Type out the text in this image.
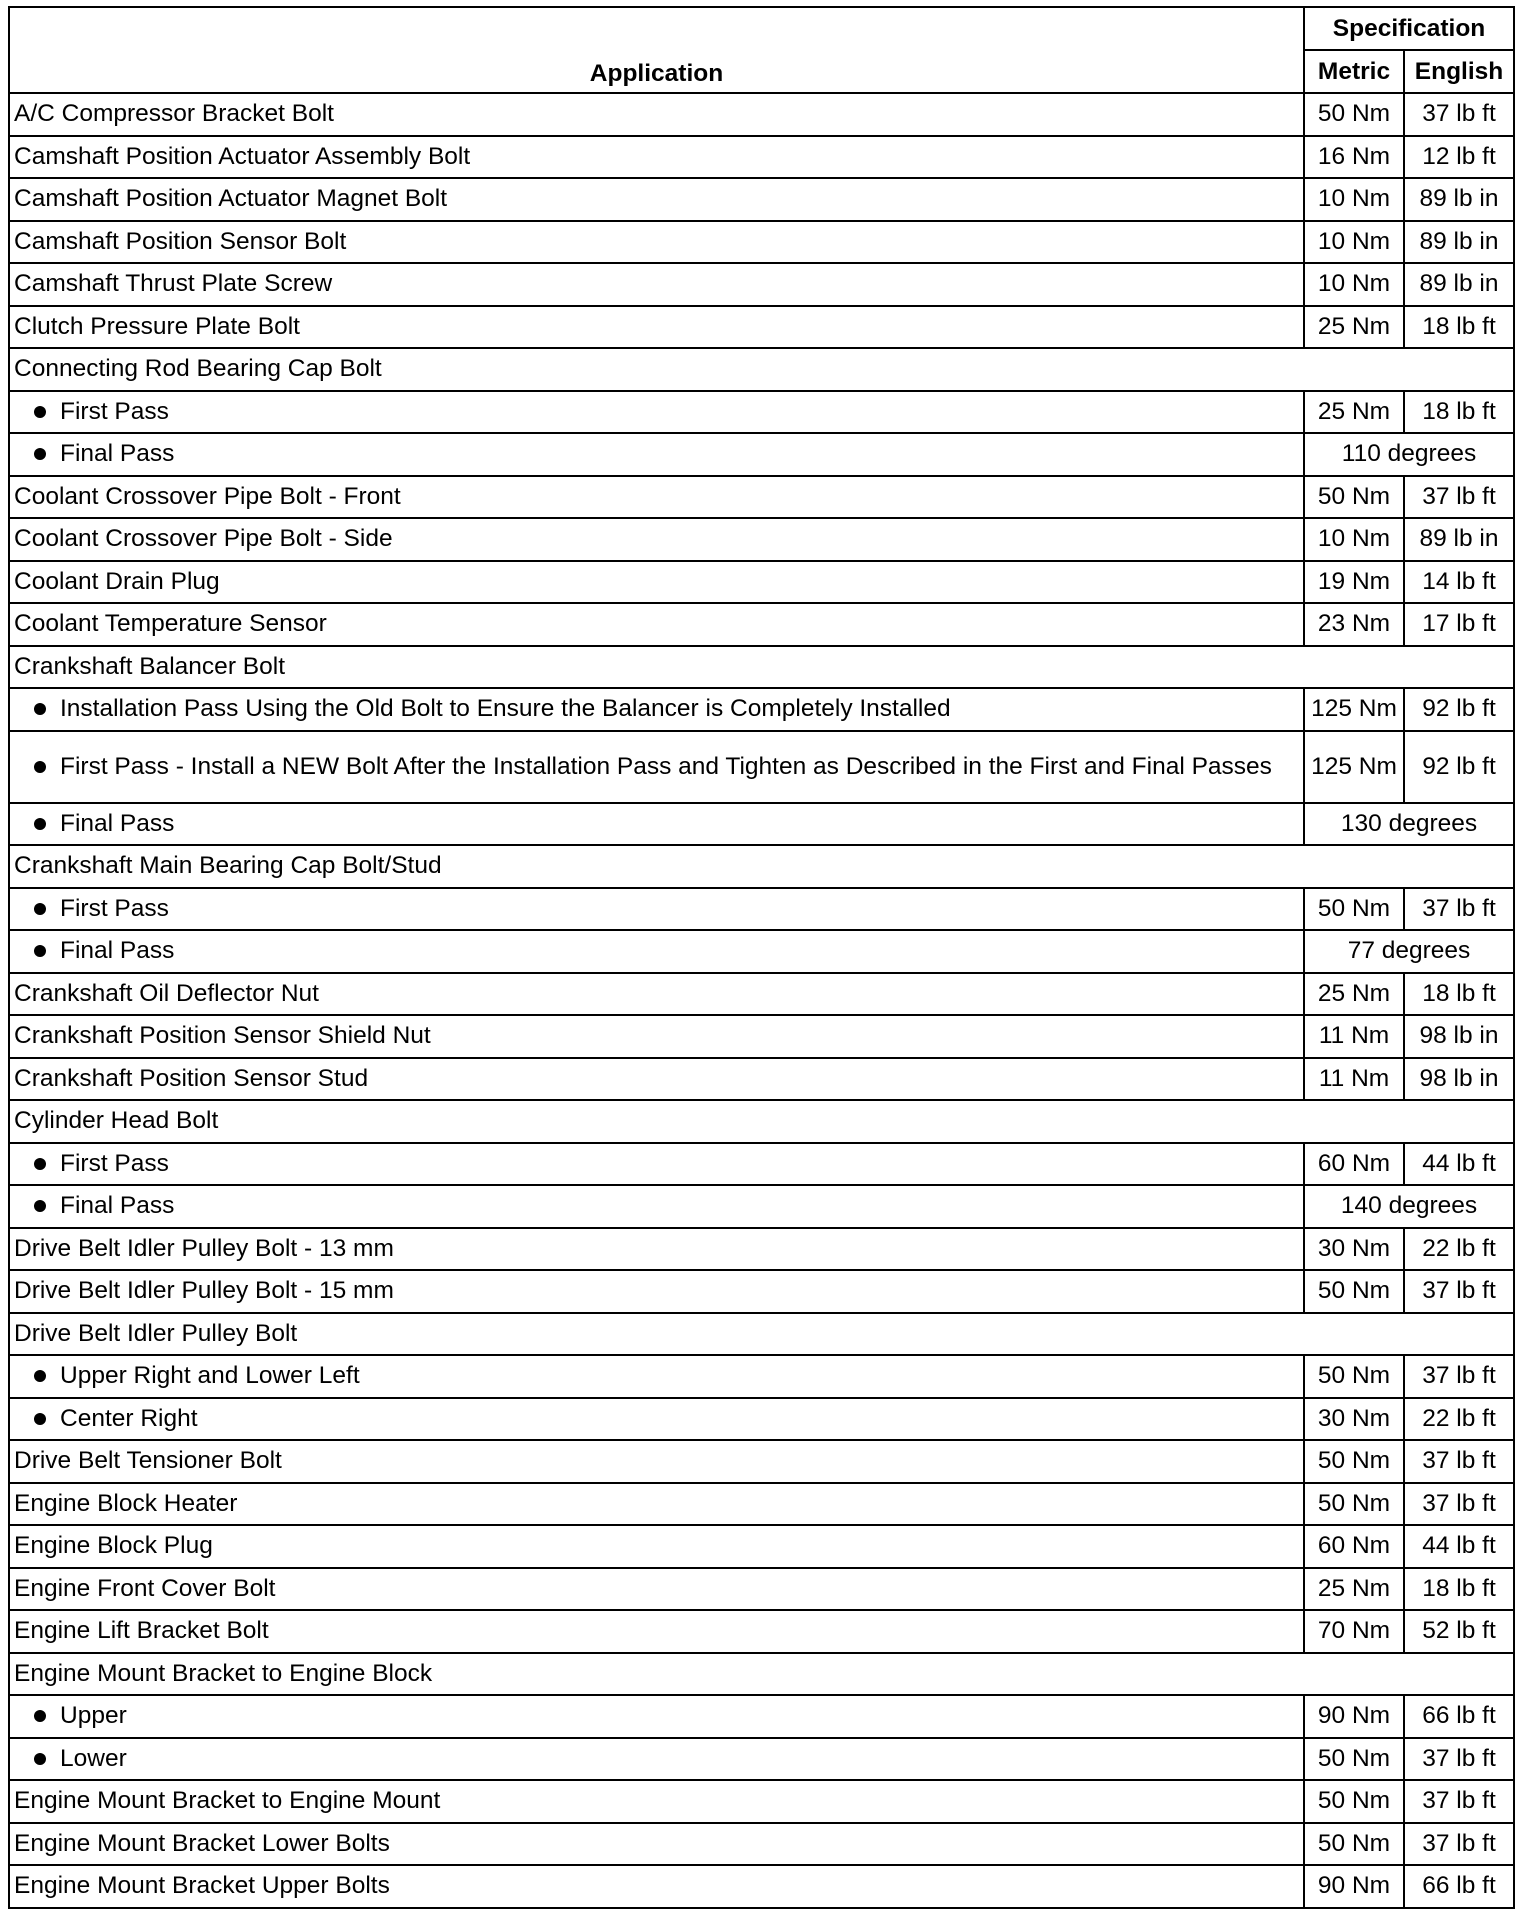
Application	Specification	
	Metric	English
A/C Compressor Bracket Bolt	50 Nm	37 lb ft
Camshaft Position Actuator Assembly Bolt	16 Nm	12 lb ft
Camshaft Position Actuator Magnet Bolt	10 Nm	89 lb in
Camshaft Position Sensor Bolt	10 Nm	89 lb in
Camshaft Thrust Plate Screw	10 Nm	89 lb in
Clutch Pressure Plate Bolt	25 Nm	18 lb ft
Connecting Rod Bearing Cap Bolt		

First Pass	25 Nm	18 lb ft

Final Pass	110 degrees	
Coolant Crossover Pipe Bolt - Front	50 Nm	37 lb ft
Coolant Crossover Pipe Bolt - Side	10 Nm	89 lb in
Coolant Drain Plug	19 Nm	14 lb ft
Coolant Temperature Sensor	23 Nm	17 lb ft
Crankshaft Balancer Bolt		

Installation Pass Using the Old Bolt to Ensure the Balancer is Completely Installed	125 Nm	92 lb ft

First Pass - Install a NEW Bolt After the Installation Pass and Tighten as Described in the First and Final Passes	125 Nm	92 lb ft

Final Pass	130 degrees	
Crankshaft Main Bearing Cap Bolt/Stud		

First Pass	50 Nm	37 lb ft

Final Pass	77 degrees	
Crankshaft Oil Deflector Nut	25 Nm	18 lb ft
Crankshaft Position Sensor Shield Nut	11 Nm	98 lb in
Crankshaft Position Sensor Stud	11 Nm	98 lb in
Cylinder Head Bolt		

First Pass	60 Nm	44 lb ft

Final Pass	140 degrees	
Drive Belt Idler Pulley Bolt - 13 mm	30 Nm	22 lb ft
Drive Belt Idler Pulley Bolt - 15 mm	50 Nm	37 lb ft
Drive Belt Idler Pulley Bolt		

Upper Right and Lower Left	50 Nm	37 lb ft

Center Right	30 Nm	22 lb ft
Drive Belt Tensioner Bolt	50 Nm	37 lb ft
Engine Block Heater	50 Nm	37 lb ft
Engine Block Plug	60 Nm	44 lb ft
Engine Front Cover Bolt	25 Nm	18 lb ft
Engine Lift Bracket Bolt	70 Nm	52 lb ft
Engine Mount Bracket to Engine Block		

Upper	90 Nm	66 lb ft

Lower	50 Nm	37 lb ft
Engine Mount Bracket to Engine Mount	50 Nm	37 lb ft
Engine Mount Bracket Lower Bolts	50 Nm	37 lb ft
Engine Mount Bracket Upper Bolts	90 Nm	66 lb ft
